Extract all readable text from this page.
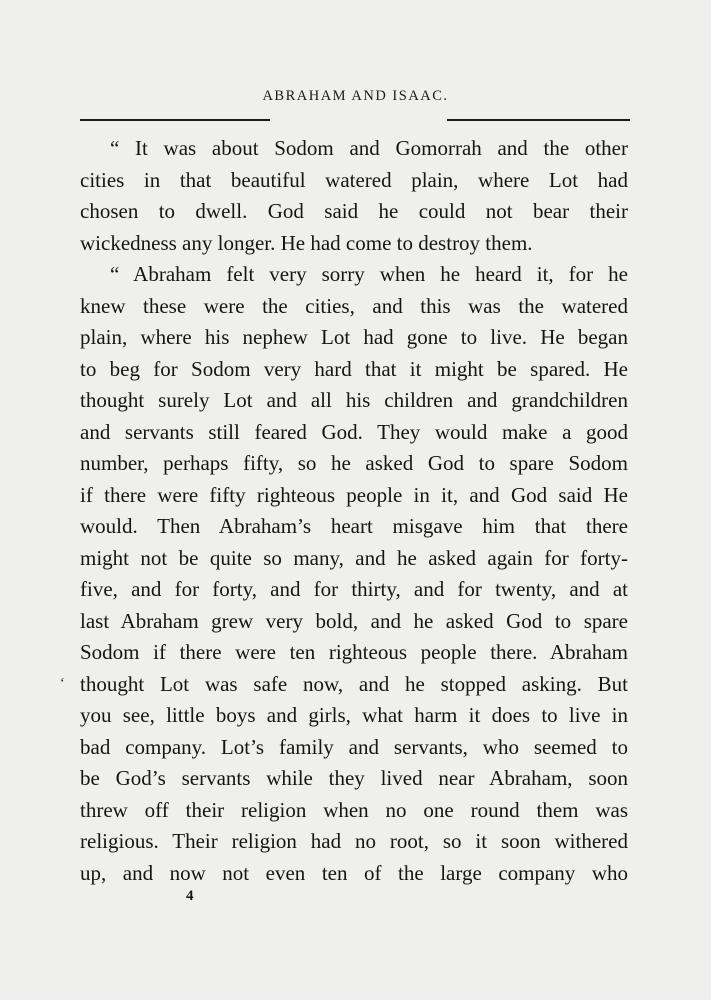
ABRAHAM AND ISAAC.
“ It was about Sodom and Gomorrah and the other
cities in that beautiful watered plain, where Lot had
chosen to dwell. God said he could not bear their
wickedness any longer. He had come to destroy them.
“ Abraham felt very sorry when he heard it, for he
knew these were the cities, and this was the watered
plain, where his nephew Lot had gone to live. He began
to beg for Sodom very hard that it might be spared. He
thought surely Lot and all his children and grandchildren
and servants still feared God. They would make a good
number, perhaps fifty, so he asked God to spare Sodom
if there were fifty righteous people in it, and God said He
would. Then Abraham’s heart misgave him that there
might not be quite so many, and he asked again for forty-
five, and for forty, and for thirty, and for twenty, and at
last Abraham grew very bold, and he asked God to spare
Sodom if there were ten righteous people there. Abraham
thought Lot was safe now, and he stopped asking. But
you see, little boys and girls, what harm it does to live in
bad company. Lot’s family and servants, who seemed to
be God’s servants while they lived near Abraham, soon
threw off their religion when no one round them was
religious. Their religion had no root, so it soon withered
up, and now not even ten of the large company who
‘
4
